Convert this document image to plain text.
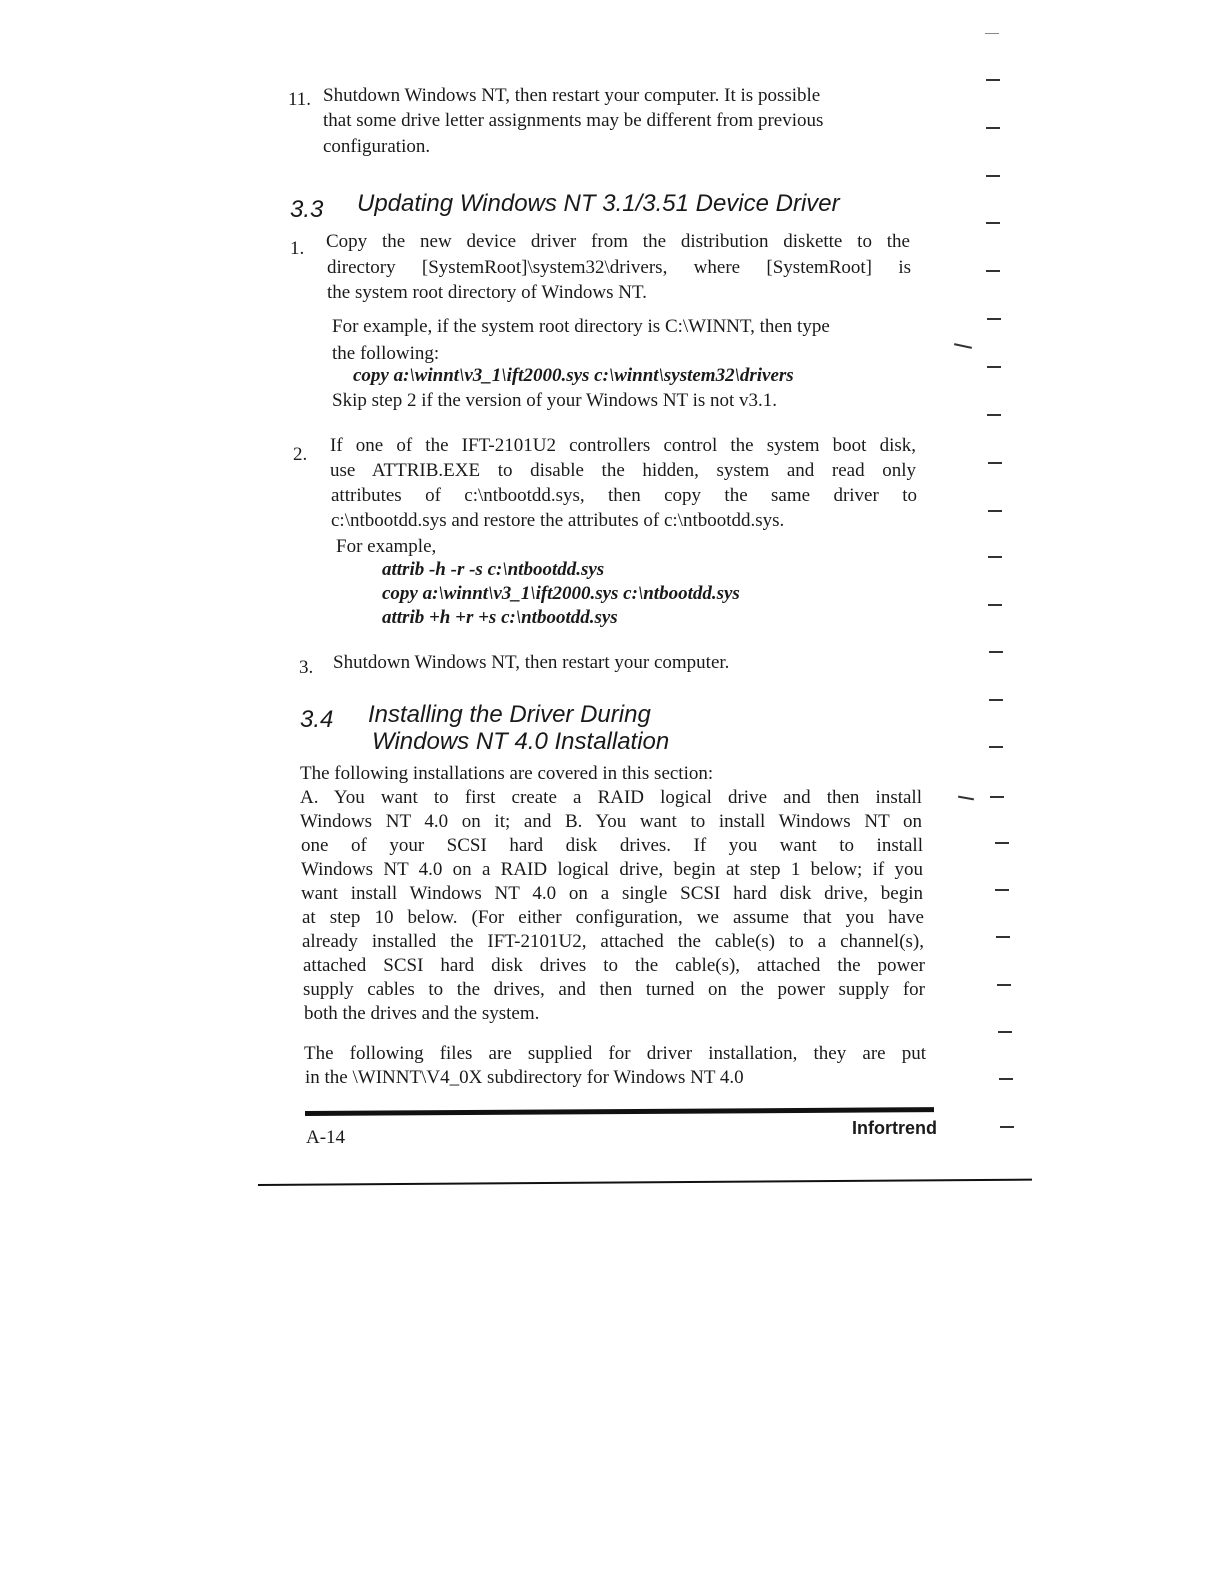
11. Shutdown Windows NT, then restart your computer. It is possible
that some drive letter assignments may be different from previous
configuration.
3.3 Updating Windows NT 3.1/3.51 Device Driver
1. Copy the new device driver from the distribution diskette to the
directory [SystemRoot]\system32\drivers, where [SystemRoot] is
the system root directory of Windows NT.
For example, if the system root directory is C:\WINNT, then type
the following:
copy a:\winnt\v3_1\ift2000.sys c:\winnt\system32\drivers
Skip step 2 if the version of your Windows NT is not v3.1.
2. If one of the IFT-2101U2 controllers control the system boot disk,
use ATTRIB.EXE to disable the hidden, system and read only
attributes of c:\ntbootdd.sys, then copy the same driver to
c:\ntbootdd.sys and restore the attributes of c:\ntbootdd.sys.
For example,
attrib -h -r -s c:\ntbootdd.sys
copy a:\winnt\v3_1\ift2000.sys c:\ntbootdd.sys
attrib +h +r +s c:\ntbootdd.sys
3. Shutdown Windows NT, then restart your computer.
3.4 Installing the Driver During
Windows NT 4.0 Installation
The following installations are covered in this section:
A. You want to first create a RAID logical drive and then install
Windows NT 4.0 on it; and B. You want to install Windows NT on
one of your SCSI hard disk drives. If you want to install
Windows NT 4.0 on a RAID logical drive, begin at step 1 below; if you
want install Windows NT 4.0 on a single SCSI hard disk drive, begin
at step 10 below. (For either configuration, we assume that you have
already installed the IFT-2101U2, attached the cable(s) to a channel(s),
attached SCSI hard disk drives to the cable(s), attached the power
supply cables to the drives, and then turned on the power supply for
both the drives and the system.
The following files are supplied for driver installation, they are put
in the \WINNT\V4_0X subdirectory for Windows NT 4.0
A-14	Infortrend
